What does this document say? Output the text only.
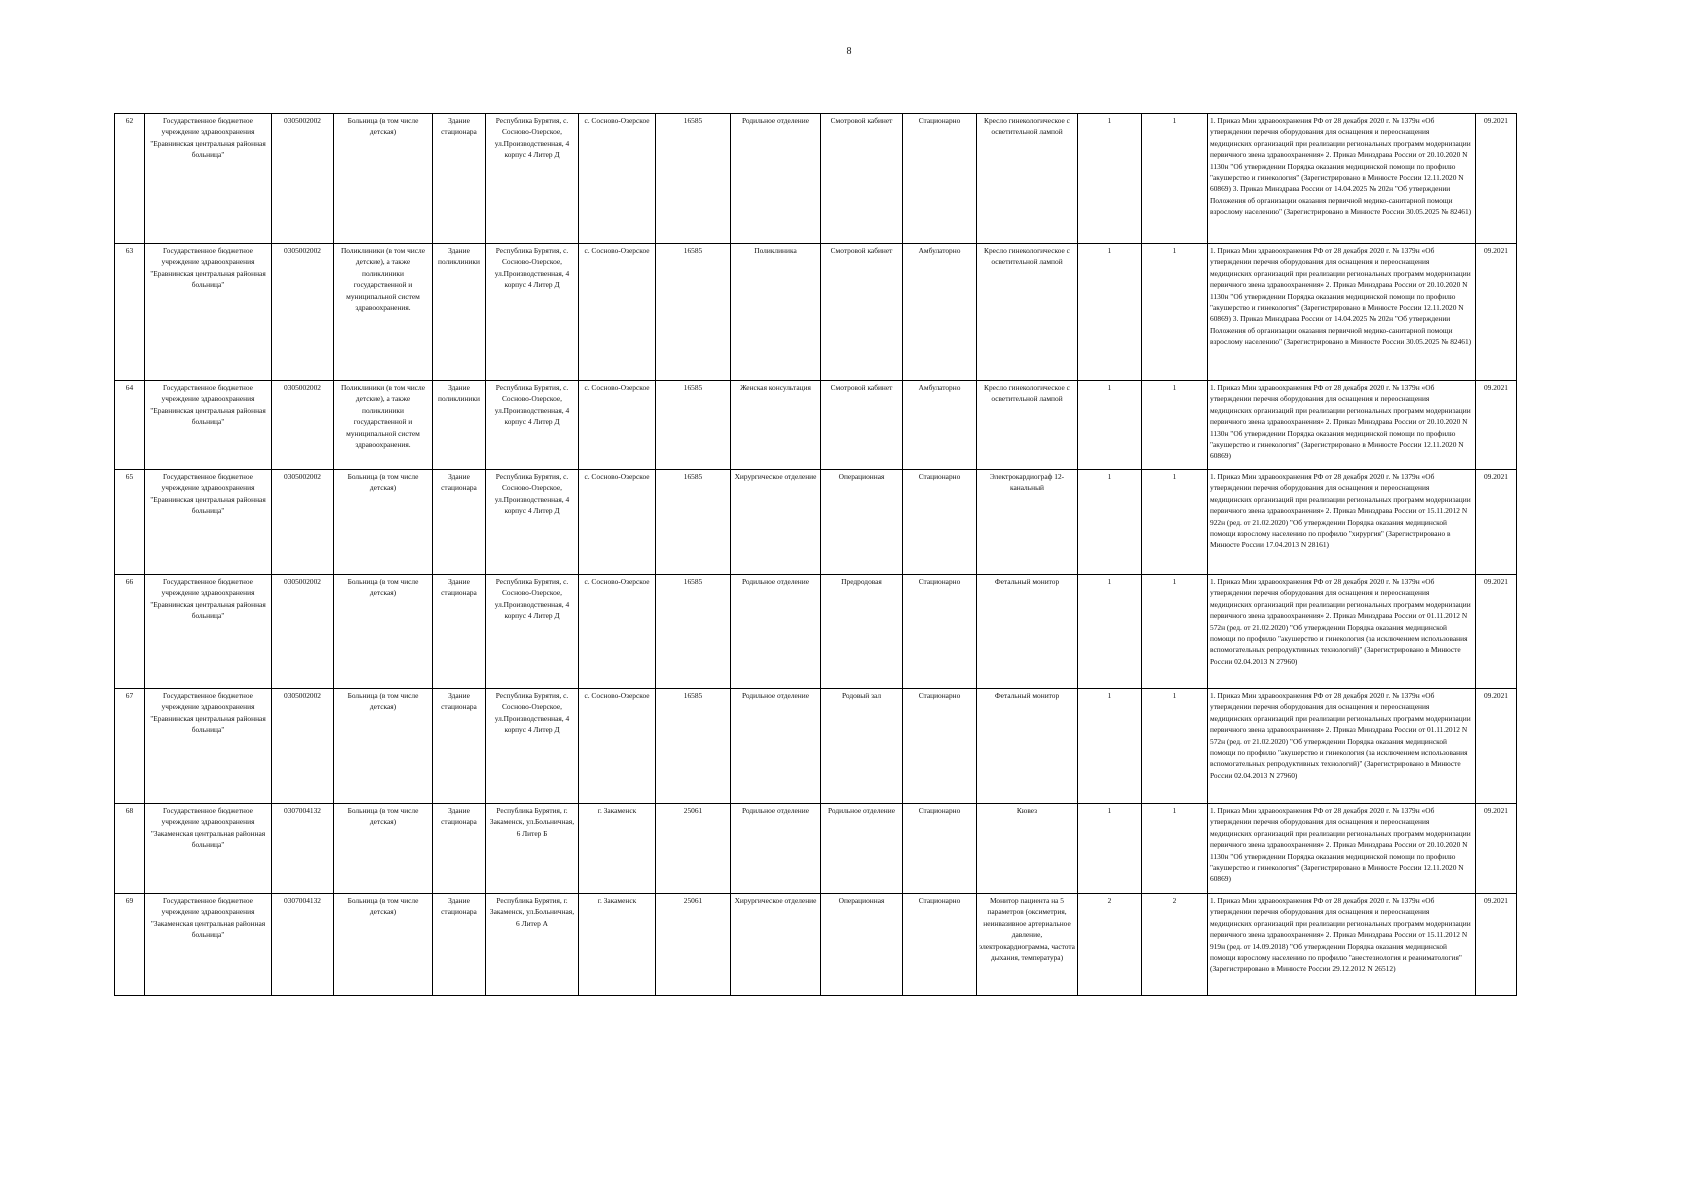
8
62	Государственное бюджетное учреждение здравоохранения "Еравнинская центральная районная больница"	0305002002	Больница (в том числе детская)	Здание стационара	Республика Бурятия, с. Сосново-Озерское, ул.Производственная, 4 корпус 4 Литер Д	с. Сосново-Озерское	16585	Родильное отделение	Смотровой кабинет	Стационарно	Кресло гинекологическое с осветительной лампой	1	1	1. Приказ Мин здравоохранения РФ от 28 декабря 2020 г. № 1379н «Об утверждении перечня оборудования для оснащения и переоснащения медицинских организаций при реализации региональных программ модернизации первичного звена здравоохранения» 2. Приказ Минздрава России от 20.10.2020 N 1130н "Об утверждении Порядка оказания медицинской помощи по профилю "акушерство и гинекология" (Зарегистрировано в Минюсте России 12.11.2020 N 60869) 3. Приказ Минздрава России от 14.04.2025 № 202н "Об утверждении Положения об организации оказания первичной медико-санитарной помощи взрослому населению" (Зарегистрировано в Минюсте России 30.05.2025 № 82461)	09.2021
63	Государственное бюджетное учреждение здравоохранения "Еравнинская центральная районная больница"	0305002002	Поликлиники (в том числе детские), а также поликлиники государственной и муниципальной систем здравоохранения.	Здание поликлиники	Республика Бурятия, с. Сосново-Озерское, ул.Производственная, 4 корпус 4 Литер Д	с. Сосново-Озерское	16585	Поликлиника	Смотровой кабинет	Амбулаторно	Кресло гинекологическое с осветительной лампой	1	1	1. Приказ Мин здравоохранения РФ от 28 декабря 2020 г. № 1379н «Об утверждении перечня оборудования для оснащения и переоснащения медицинских организаций при реализации региональных программ модернизации первичного звена здравоохранения» 2. Приказ Минздрава России от 20.10.2020 N 1130н "Об утверждении Порядка оказания медицинской помощи по профилю "акушерство и гинекология" (Зарегистрировано в Минюсте России 12.11.2020 N 60869) 3. Приказ Минздрава России от 14.04.2025 № 202н "Об утверждении Положения об организации оказания первичной медико-санитарной помощи взрослому населению" (Зарегистрировано в Минюсте России 30.05.2025 № 82461)	09.2021
64	Государственное бюджетное учреждение здравоохранения "Еравнинская центральная районная больница"	0305002002	Поликлиники (в том числе детские), а также поликлиники государственной и муниципальной систем здравоохранения.	Здание поликлиники	Республика Бурятия, с. Сосново-Озерское, ул.Производственная, 4 корпус 4 Литер Д	с. Сосново-Озерское	16585	Женская консультация	Смотровой кабинет	Амбулаторно	Кресло гинекологическое с осветительной лампой	1	1	1. Приказ Мин здравоохранения РФ от 28 декабря 2020 г. № 1379н «Об утверждении перечня оборудования для оснащения и переоснащения медицинских организаций при реализации региональных программ модернизации первичного звена здравоохранения» 2. Приказ Минздрава России от 20.10.2020 N 1130н "Об утверждении Порядка оказания медицинской помощи по профилю "акушерство и гинекология" (Зарегистрировано в Минюсте России 12.11.2020 N 60869)	09.2021
65	Государственное бюджетное учреждение здравоохранения "Еравнинская центральная районная больница"	0305002002	Больница (в том числе детская)	Здание стационара	Республика Бурятия, с. Сосново-Озерское, ул.Производственная, 4 корпус 4 Литер Д	с. Сосново-Озерское	16585	Хирургическое отделение	Операционная	Стационарно	Электрокардиограф 12-канальный	1	1	1. Приказ Мин здравоохранения РФ от 28 декабря 2020 г. № 1379н «Об утверждении перечня оборудования для оснащения и переоснащения медицинских организаций при реализации региональных программ модернизации первичного звена здравоохранения» 2. Приказ Минздрава России от 15.11.2012 N 922н (ред. от 21.02.2020) "Об утверждении Порядка оказания медицинской помощи взрослому населению по профилю "хирургия" (Зарегистрировано в Минюсте России 17.04.2013 N 28161)	09.2021
66	Государственное бюджетное учреждение здравоохранения "Еравнинская центральная районная больница"	0305002002	Больница (в том числе детская)	Здание стационара	Республика Бурятия, с. Сосново-Озерское, ул.Производственная, 4 корпус 4 Литер Д	с. Сосново-Озерское	16585	Родильное отделение	Предродовая	Стационарно	Фетальный монитор	1	1	1. Приказ Мин здравоохранения РФ от 28 декабря 2020 г. № 1379н «Об утверждении перечня оборудования для оснащения и переоснащения медицинских организаций при реализации региональных программ модернизации первичного звена здравоохранения» 2. Приказ Минздрава России от 01.11.2012 N 572н (ред. от 21.02.2020) "Об утверждении Порядка оказания медицинской помощи по профилю "акушерство и гинекология (за исключением использования вспомогательных репродуктивных технологий)" (Зарегистрировано в Минюсте России 02.04.2013 N 27960)	09.2021
67	Государственное бюджетное учреждение здравоохранения "Еравнинская центральная районная больница"	0305002002	Больница (в том числе детская)	Здание стационара	Республика Бурятия, с. Сосново-Озерское, ул.Производственная, 4 корпус 4 Литер Д	с. Сосново-Озерское	16585	Родильное отделение	Родовый зал	Стационарно	Фетальный монитор	1	1	1. Приказ Мин здравоохранения РФ от 28 декабря 2020 г. № 1379н «Об утверждении перечня оборудования для оснащения и переоснащения медицинских организаций при реализации региональных программ модернизации первичного звена здравоохранения» 2. Приказ Минздрава России от 01.11.2012 N 572н (ред. от 21.02.2020) "Об утверждении Порядка оказания медицинской помощи по профилю "акушерство и гинекология (за исключением использования вспомогательных репродуктивных технологий)" (Зарегистрировано в Минюсте России 02.04.2013 N 27960)	09.2021
68	Государственное бюджетное учреждение здравоохранения "Закаменская центральная районная больница"	0307004132	Больница (в том числе детская)	Здание стационара	Республика Бурятия, г. Закаменск, ул.Больничная, 6 Литер Б	г. Закаменск	25061	Родильное отделение	Родильное отделение	Стационарно	Кювез	1	1	1. Приказ Мин здравоохранения РФ от 28 декабря 2020 г. № 1379н «Об утверждении перечня оборудования для оснащения и переоснащения медицинских организаций при реализации региональных программ модернизации первичного звена здравоохранения» 2. Приказ Минздрава России от 20.10.2020 N 1130н "Об утверждении Порядка оказания медицинской помощи по профилю "акушерство и гинекология" (Зарегистрировано в Минюсте России 12.11.2020 N 60869)	09.2021
69	Государственное бюджетное учреждение здравоохранения "Закаменская центральная районная больница"	0307004132	Больница (в том числе детская)	Здание стационара	Республика Бурятия, г. Закаменск, ул.Больничная, 6 Литер А	г. Закаменск	25061	Хирургическое отделение	Операционная	Стационарно	Монитор пациента на 5 параметров (оксиметрия, неинвазивное артериальное давление, электрокардиограмма, частота дыхания, температура)	2	2	1. Приказ Мин здравоохранения РФ от 28 декабря 2020 г. № 1379н «Об утверждении перечня оборудования для оснащения и переоснащения медицинских организаций при реализации региональных программ модернизации первичного звена здравоохранения» 2. Приказ Минздрава России от 15.11.2012 N 919н (ред. от 14.09.2018) "Об утверждении Порядка оказания медицинской помощи взрослому населению по профилю "анестезиология и реаниматология" (Зарегистрировано в Минюсте России 29.12.2012 N 26512)	09.2021
